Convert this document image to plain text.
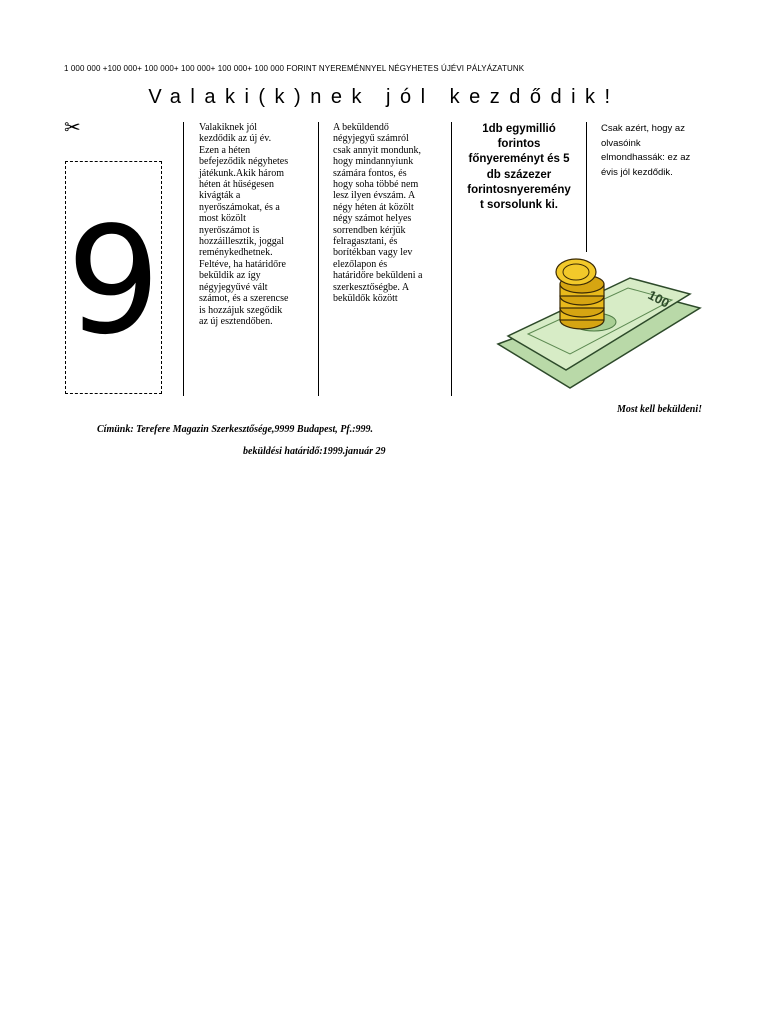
1 000 000 +100 000+ 100 000+ 100 000+ 100 000+ 100 000 FORINT NYEREMÉNNYEL NÉGYHETES ÚJÉVI PÁLYÁZATUNK
Valaki(k)nek jól kezdődik!
✂
9
Valakiknek jól
kezdődik az új év.
Ezen a héten
befejeződik négyhetes
játékunk.Akik három
héten át hűségesen
kivágták a
nyerőszámokat, és a
most közölt
nyerőszámot is
hozzáillesztik, joggal
reménykedhetnek.
Feltéve, ha határidőre
beküldik az így
négyjegyűvé vált
számot, és a szerencse
is hozzájuk szegődik
az új esztendőben.
A beküldendő
négyjegyű számról
csak annyit mondunk,
hogy mindannyiunk
számára fontos, és
hogy soha többé nem
lesz ilyen évszám. A
négy héten át közölt
négy számot helyes
sorrendben kérjük
felragasztani, és
borítékban vagy lev
elezőlapon és
határidőre beküldeni a
szerkesztőségbe. A
beküldők között
1db egymillió
forintos
főnyereményt és 5
db százezer
forintosnyeremény
t sorsolunk ki.
Csak azért, hogy az
olvasóink
elmondhassák: ez az
évis jól kezdődik.
100
Most kell beküldeni!
Címünk: Terefere Magazin Szerkesztősége,9999 Budapest, Pf.:999.
beküldési határidő:1999.január 29
